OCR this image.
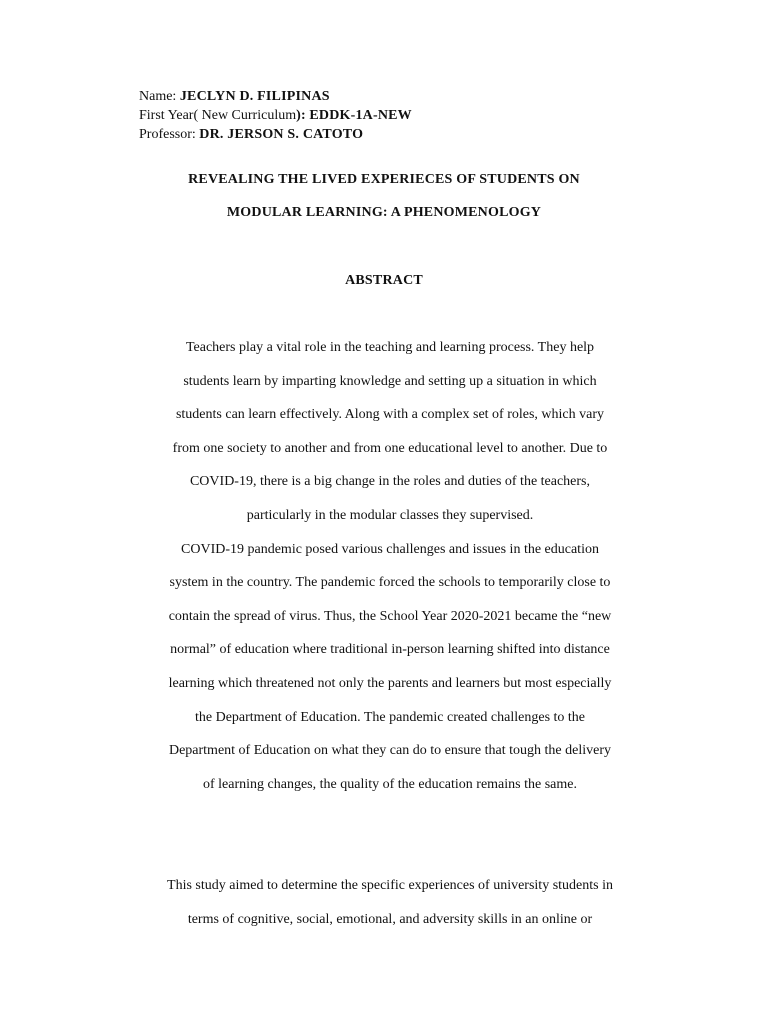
Name: JECLYN D. FILIPINAS
First Year( New Curriculum): EDDK-1A-NEW
Professor: DR. JERSON S. CATOTO
REVEALING THE LIVED EXPERIECES OF STUDENTS ON
MODULAR LEARNING: A PHENOMENOLOGY
ABSTRACT
Teachers play a vital role in the teaching and learning process. They help
students learn by imparting knowledge and setting up a situation in which
students can learn effectively. Along with a complex set of roles, which vary
from one society to another and from one educational level to another. Due to
COVID-19, there is a big change in the roles and duties of the teachers,
particularly in the modular classes they supervised.
COVID-19 pandemic posed various challenges and issues in the education
system in the country. The pandemic forced the schools to temporarily close to
contain the spread of virus. Thus, the School Year 2020-2021 became the “new
normal” of education where traditional in-person learning shifted into distance
learning which threatened not only the parents and learners but most especially
the Department of Education. The pandemic created challenges to the
Department of Education on what they can do to ensure that tough the delivery
of learning changes, the quality of the education remains the same.
This study aimed to determine the specific experiences of university students in
terms of cognitive, social, emotional, and adversity skills in an online or
